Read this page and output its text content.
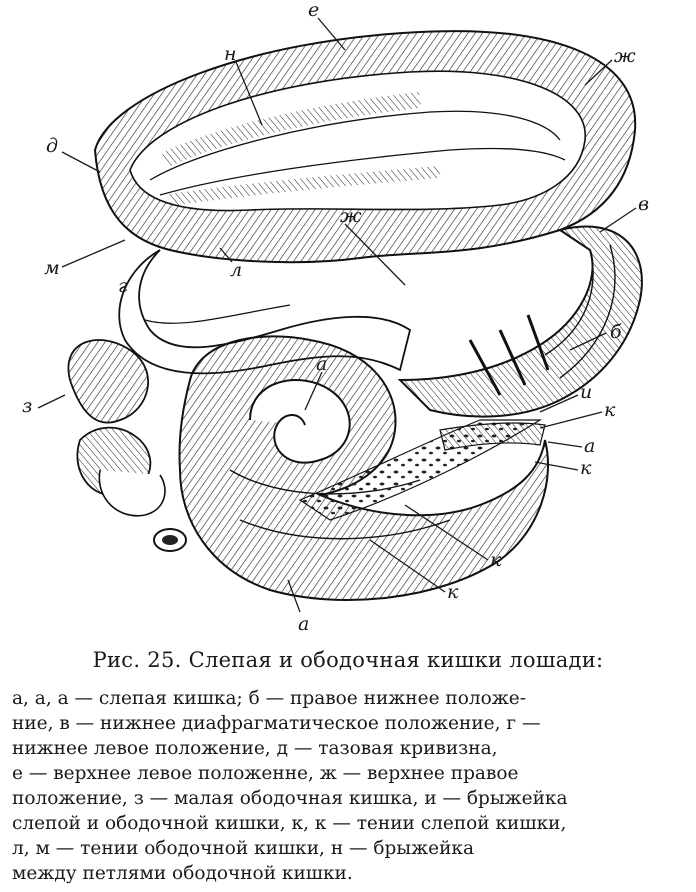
е
н	ж
д
в
м	л
г
ж
б
з
а
и
к
а
к
к
к
а
Рис. 25. Слепая и ободочная кишки лошади:

а, а, а — слепая кишка; б — правое нижнее положе-

ние, в — нижнее диафрагматическое положение, г —

нижнее левое положение, д — тазовая кривизна,

е — верхнее левое положенне, ж — верхнее правое

положение, з — малая ободочная кишка, и — брыжейка

слепой и ободочной кишки, к, к — тении слепой кишки,

л, м — тении ободочной кишки, н — брыжейка

между петлями ободочной кишки.
